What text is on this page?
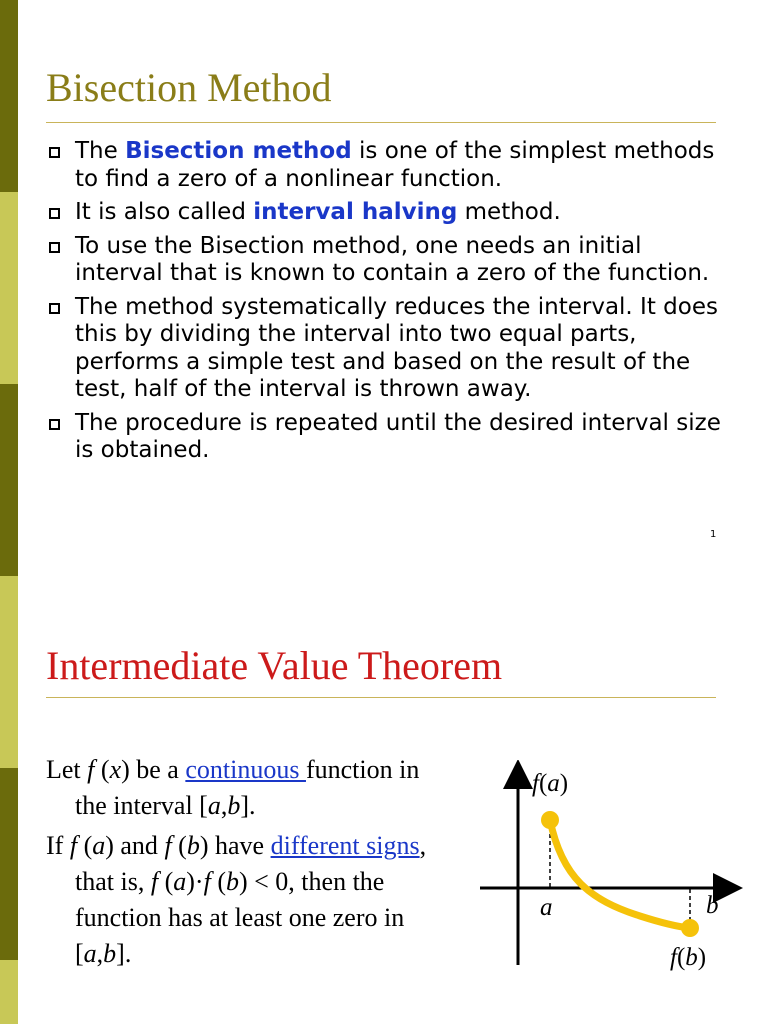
Bisection Method
The Bisection method is one of the simplest methods to find a zero of a nonlinear function.
It is also called interval halving method.
To use the Bisection method, one needs an initial interval that is known to contain a zero of the function.
The method systematically reduces the interval. It does this by dividing the interval into two equal parts, performs a simple test and based on the result of the test, half of the interval is thrown away.
The procedure is repeated until the desired interval size is obtained.
1
Intermediate Value Theorem

Let f (x) be a continuous function in the interval [a,b].

If f (a) and f (b) have different signs, that is, f (a)·f (b) < 0, then the function has at least one zero in [a,b].

f(a)
a	b
f(b)
